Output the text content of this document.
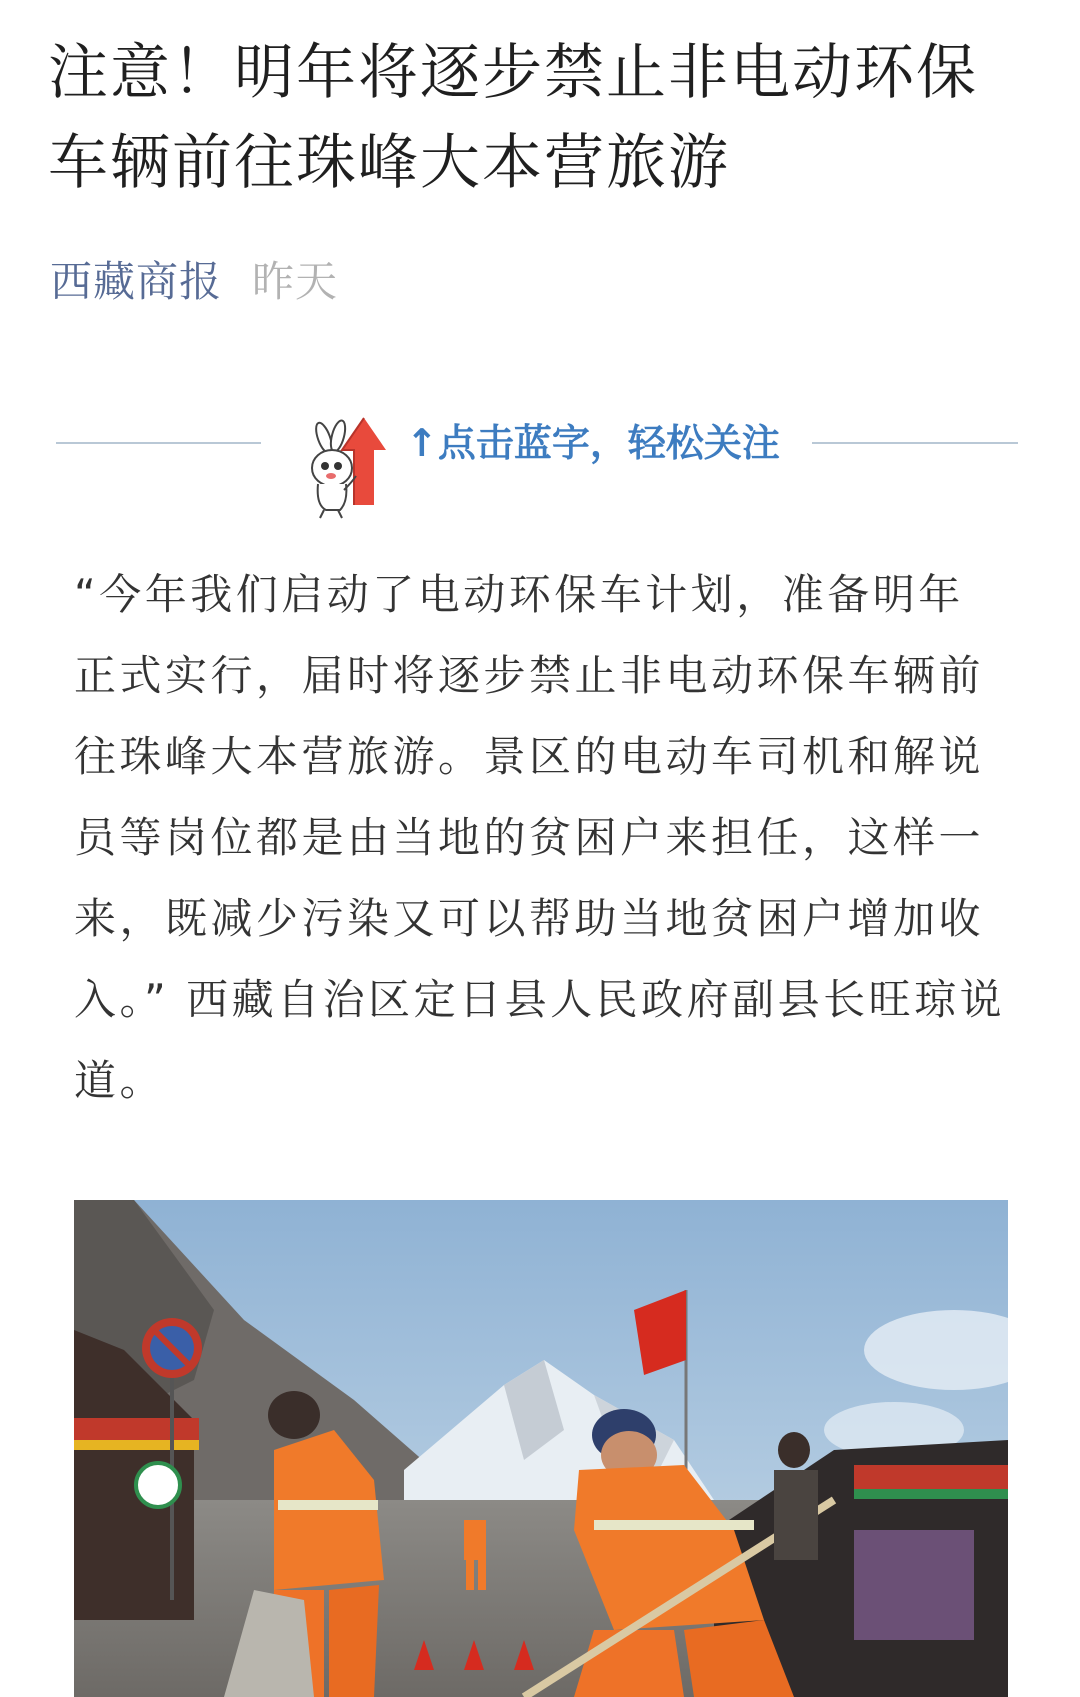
注意！明年将逐步禁止非电动环保车辆前往珠峰大本营旅游
西藏商报 昨天
↑点击蓝字，轻松关注

“今年我们启动了电动环保车计划，准备明年正式实行，届时将逐步禁止非电动环保车辆前往珠峰大本营旅游。景区的电动车司机和解说员等岗位都是由当地的贫困户来担任，这样一来，既减少污染又可以帮助当地贫困户增加收入。” 西藏自治区定日县人民政府副县长旺琼说道。
